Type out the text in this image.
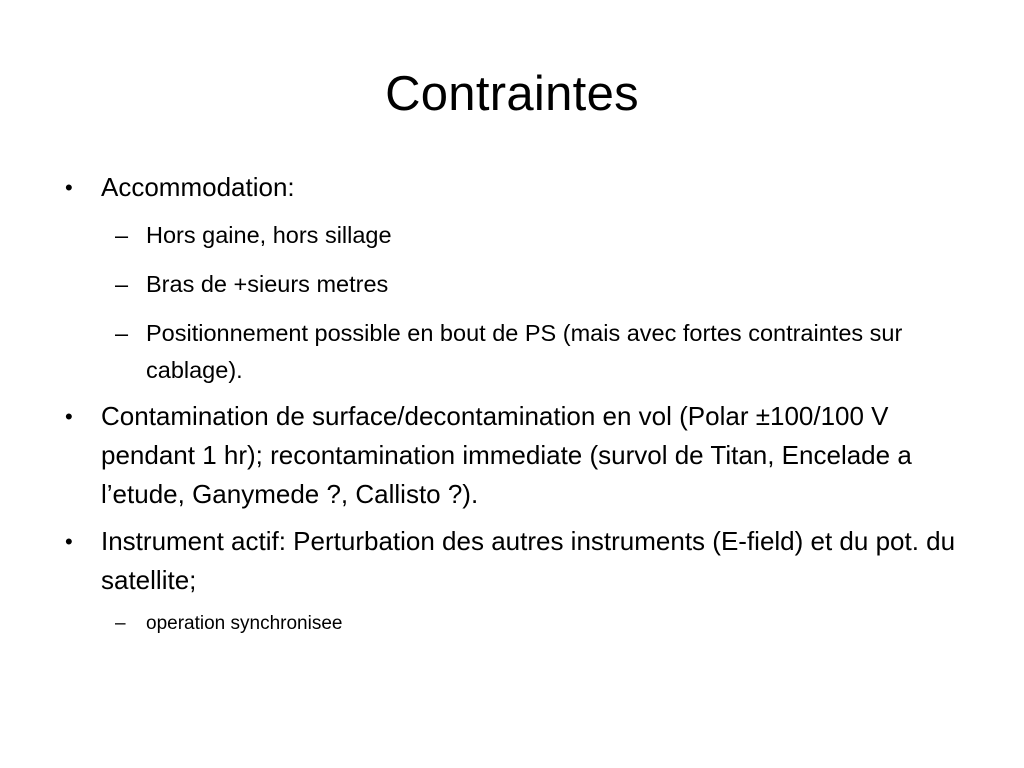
Contraintes
• Accommodation:
– Hors gaine, hors sillage
– Bras de +sieurs metres
– Positionnement possible en bout de PS (mais avec fortes contraintes sur cablage).
• Contamination de surface/decontamination en vol (Polar ±100/100 V pendant 1 hr); recontamination immediate (survol de Titan, Encelade a l’etude, Ganymede ?, Callisto ?).
• Instrument actif: Perturbation des autres instruments (E-field) et du pot. du satellite;
– operation synchronisee
